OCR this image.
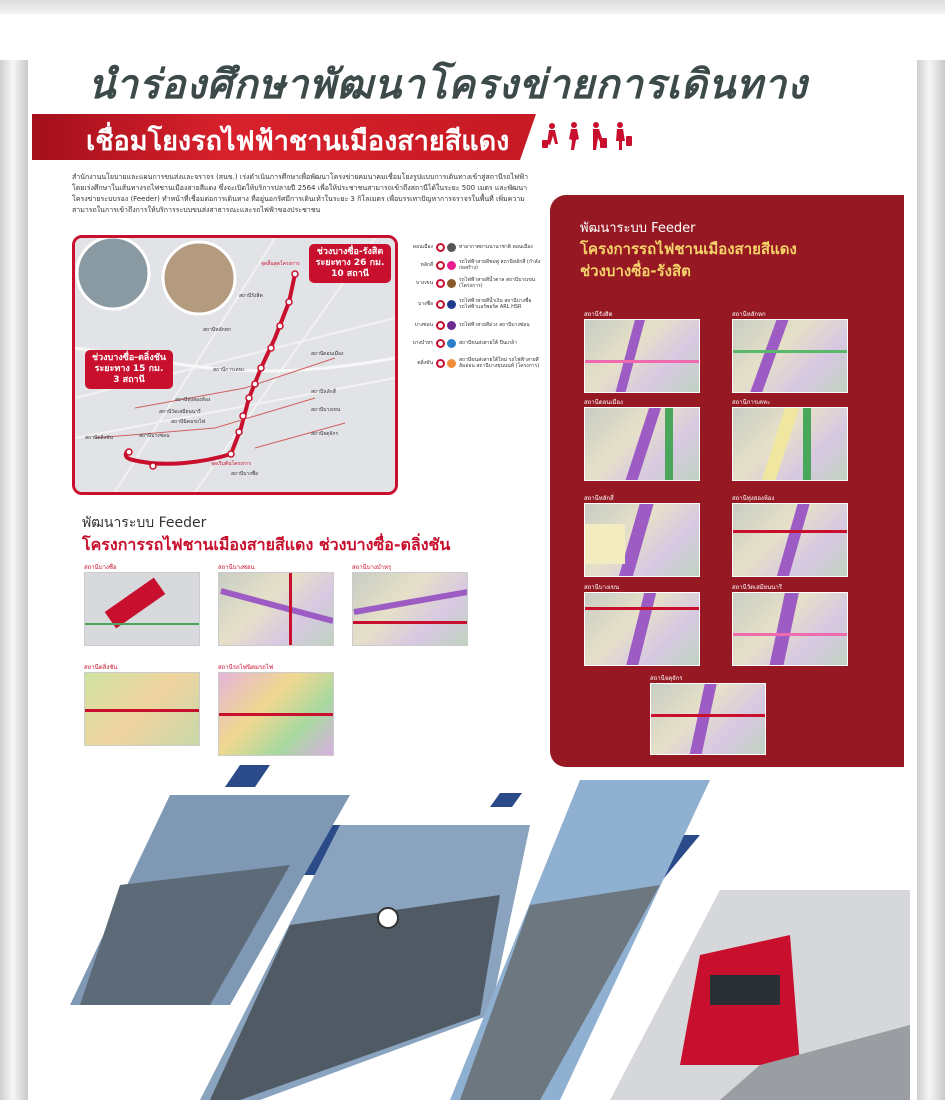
นำร่องศึกษาพัฒนาโครงข่ายการเดินทาง
เชื่อมโยงรถไฟฟ้าชานเมืองสายสีแดง
สำนักงานนโยบายและแผนการขนส่งและจราจร (สนข.) เร่งดำเนินการศึกษาเพื่อพัฒนาโครงข่ายคมนาคมเชื่อมโยงรูปแบบการเดินทางเข้าสู่สถานีรถไฟฟ้า โดยเร่งศึกษาในเส้นทางรถไฟชานเมืองสายสีแดง ซึ่งจะเปิดให้บริการปลายปี 2564 เพื่อให้ประชาชนสามารถเข้าถึงสถานีได้ในระยะ 500 เมตร และพัฒนาโครงข่ายระบบรอง (Feeder) ทำหน้าที่เชื่อมต่อการเดินทาง ที่อยู่นอกรัศมีการเดินเท้าในระยะ 3 กิโลเมตร เพื่อบรรเทาปัญหาการจราจรในพื้นที่ เพิ่มความสามารถในการเข้าถึงการให้บริการระบบขนส่งสาธารณะและรถไฟฟ้าของประชาชน
ช่วงบางซื่อ-รังสิต
ระยะทาง 26 กม.
10 สถานี
ช่วงบางซื่อ-ตลิ่งชัน
ระยะทาง 15 กม.
3 สถานี
จุดสิ้นสุดโครงการ
จุดเริ่มต้นโครงการ
สถานีรังสิต
สถานีหลักหก
สถานีดอนเมือง
สถานีการเคหะ
สถานีหลักสี่
สถานีทุ่งสองห้อง
สถานีบางเขน
สถานีวัดเสมียนนารี
สถานีจตุจักร
สถานีบางซ่อน
สถานีนิคมรถไฟ
สถานีตลิ่งชัน
สถานีบางซื่อ
ดอนเมือง	ท่าอากาศยานนานาชาติ ดอนเมือง
หลักสี่	รถไฟฟ้าสายสีชมพู สถานีหลักสี่ (กำลังก่อสร้าง)
บางเขน	รถไฟฟ้าสายสีน้ำตาล สถานีบางเขน (โครงการ)
บางซื่อ	รถไฟฟ้าสายสีน้ำเงิน สถานีบางซื่อ รถไฟฟ้าแอร์พอร์ต ARL HSR
บางซ่อน	รถไฟฟ้าสายสีม่วง สถานีบางซ่อน
บางบำหรุ	สถานีขนส่งสายใต้ ปิ่นเกล้า
ตลิ่งชัน	สถานีขนส่งสายใต้ใหม่ รถไฟฟ้าสายสีส้มอ่อน สถานีบางขุนนนท์ (โครงการ)
พัฒนาระบบ Feeder
โครงการรถไฟชานเมืองสายสีแดง
ช่วงบางซื่อ-รังสิต
สถานีรังสิต	สถานีหลักหก
สถานีดอนเมือง	สถานีการเคหะ
สถานีหลักสี่	สถานีทุ่งสองห้อง
สถานีบางเขน	สถานีวัดเสมียนนารี
สถานีจตุจักร
พัฒนาระบบ Feeder
โครงการรถไฟชานเมืองสายสีแดง ช่วงบางซื่อ-ตลิ่งชัน
สถานีบางซื่อ	สถานีบางซ่อน	สถานีบางบำหรุ
สถานีตลิ่งชัน	สถานีรถไฟนิคมรถไฟ
